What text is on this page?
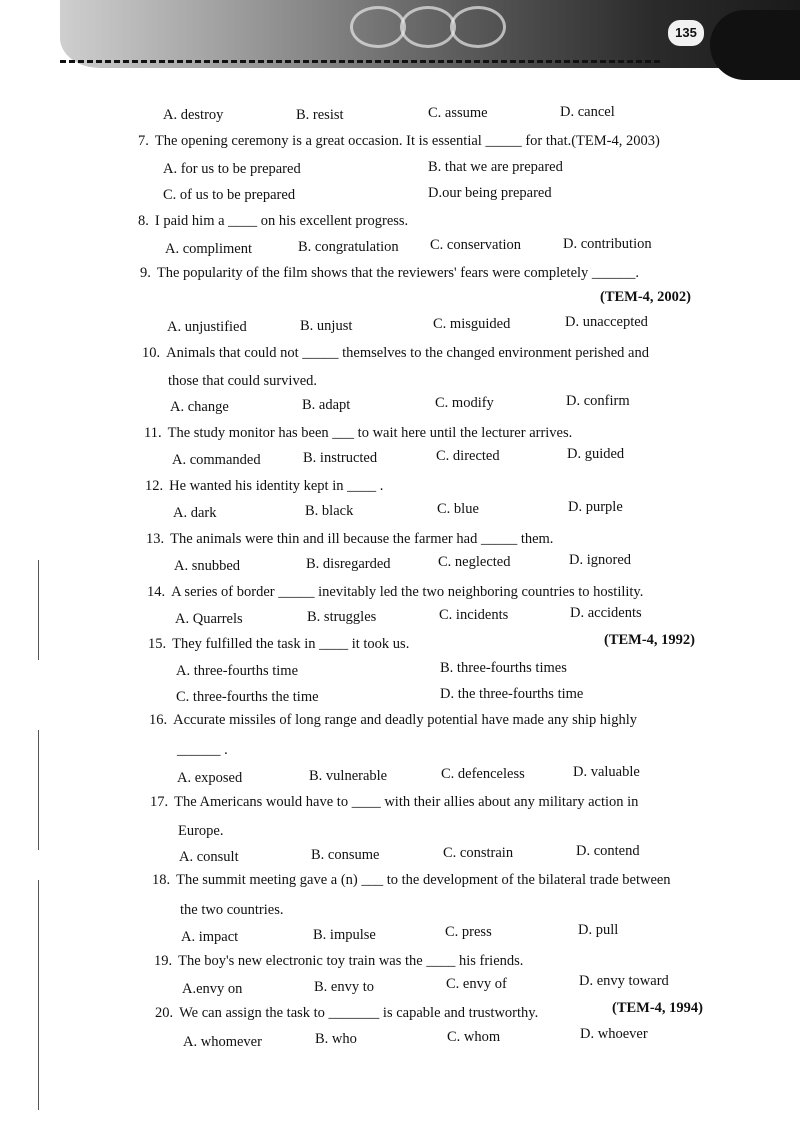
135
A. destroy	B. resist	C. assume	D. cancel
7. The opening ceremony is a great occasion. It is essential _____ for that.(TEM-4, 2003)
A. for us to be prepared	B. that we are prepared
C. of us to be prepared	D.our being prepared
8. I paid him a ____ on his excellent progress.
A. compliment	B. congratulation C. conservation	D. contribution
9. The popularity of the film shows that the reviewers' fears were completely ______.
(TEM-4, 2002)
A. unjustified	B. unjust	C. misguided	D. unaccepted
10. Animals that could not _____ themselves to the changed environment perished and
those that could survived.
A. change	B. adapt	C. modify	D. confirm
11. The study monitor has been ___ to wait here until the lecturer arrives.
A. commanded	B. instructed	C. directed	D. guided
12. He wanted his identity kept in ____ .
A. dark	B. black	C. blue	D. purple
13. The animals were thin and ill because the farmer had _____ them.
A. snubbed	B. disregarded	C. neglected	D. ignored
14. A series of border _____ inevitably led the two neighboring countries to hostility.
A. Quarrels	B. struggles	C. incidents	D. accidents
15. They fulfilled the task in ____ it took us.	(TEM-4, 1992)
A. three-fourths time	B. three-fourths times
C. three-fourths the time	D. the three-fourths time
16. Accurate missiles of long range and deadly potential have made any ship highly
______ .
A. exposed	B. vulnerable	C. defenceless	D. valuable
17. The Americans would have to ____ with their allies about any military action in
Europe.
A. consult	B. consume	C. constrain	D. contend
18. The summit meeting gave a (n) ___ to the development of the bilateral trade between
the two countries.
A. impact	B. impulse	C. press	D. pull
19. The boy's new electronic toy train was the ____ his friends.
A.envy on	B. envy to	C. envy of	D. envy toward
20. We can assign the task to _______ is capable and trustworthy.	(TEM-4, 1994)
A. whomever	B. who	C. whom	D. whoever
